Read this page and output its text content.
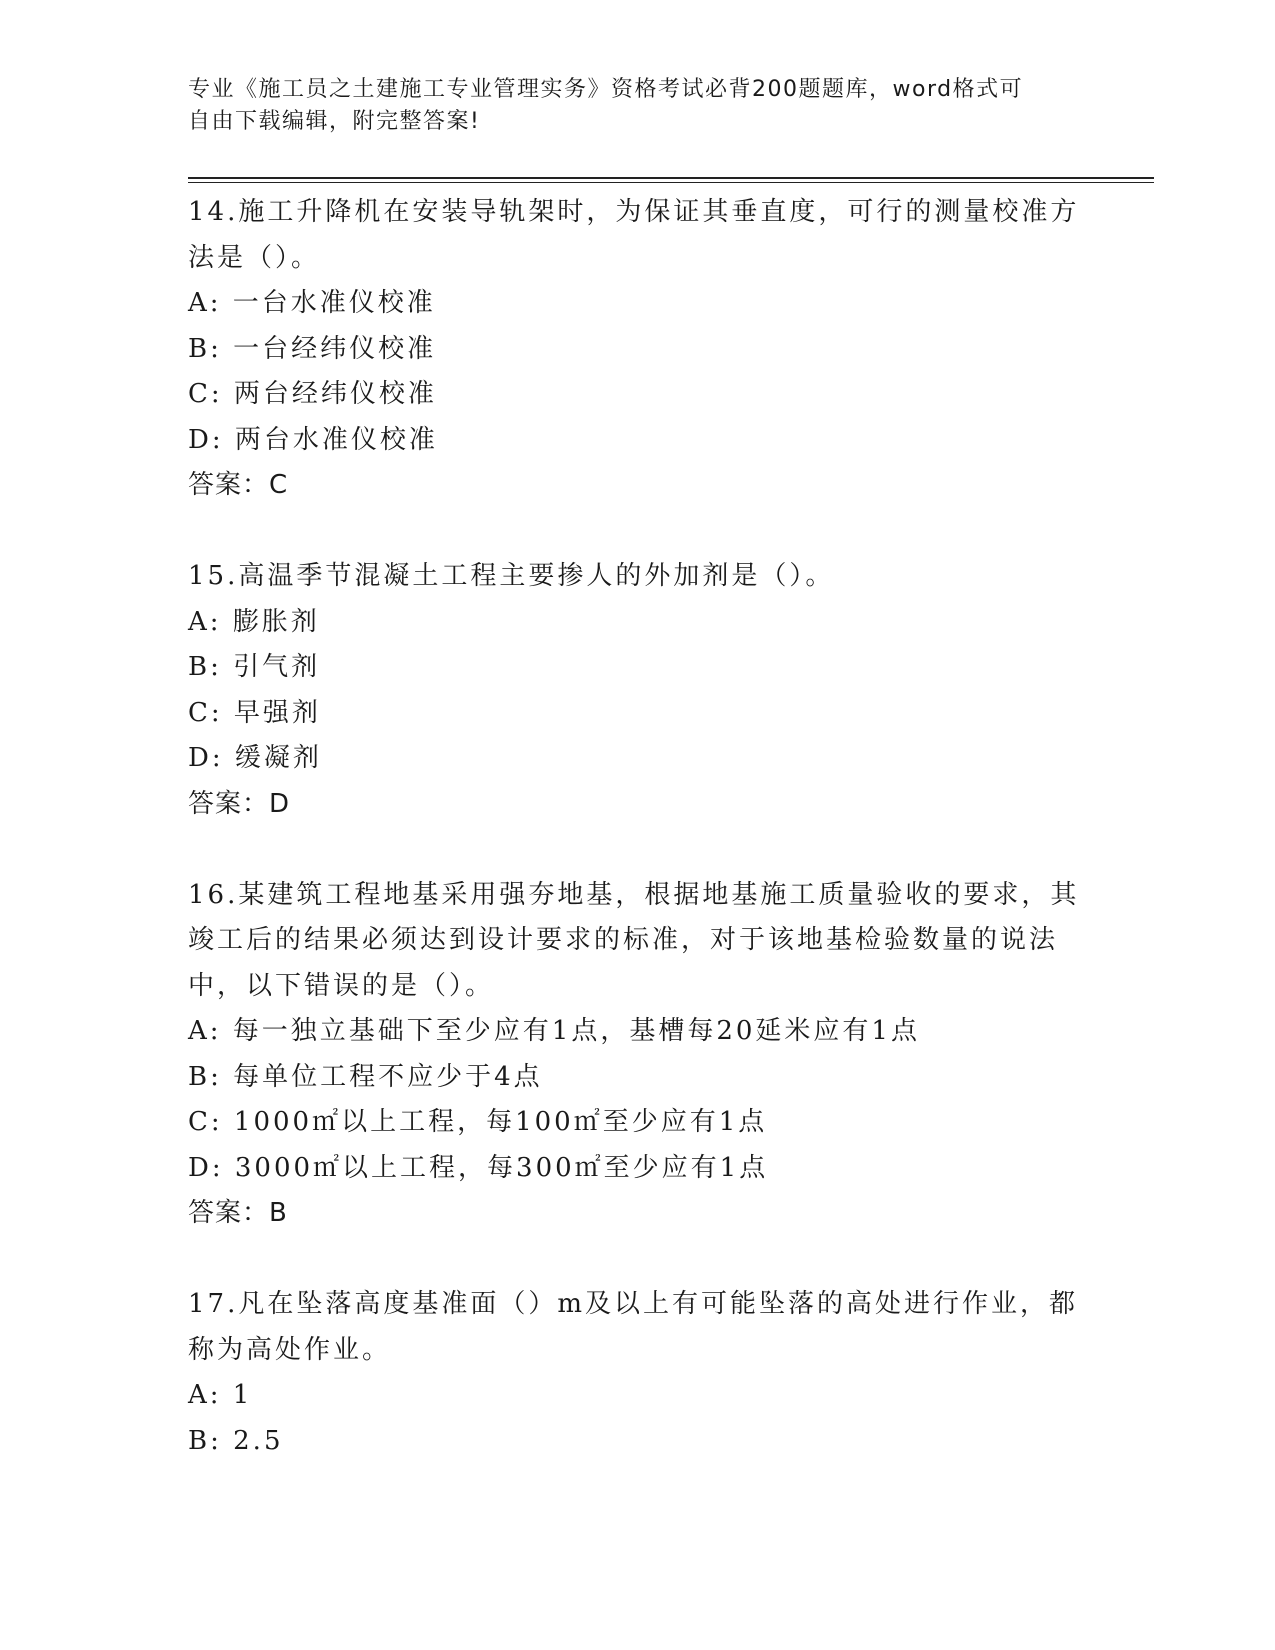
专业《施工员之土建施工专业管理实务》资格考试必背200题题库，word格式可
自由下载编辑，附完整答案!
14.施工升降机在安装导轨架时，为保证其垂直度，可行的测量校准方
法是（）。
A: 一台水准仪校准
B: 一台经纬仪校准
C: 两台经纬仪校准
D: 两台水准仪校准
答案：C
15.高温季节混凝土工程主要掺人的外加剂是（）。
A: 膨胀剂
B: 引气剂
C: 早强剂
D: 缓凝剂
答案：D
16.某建筑工程地基采用强夯地基，根据地基施工质量验收的要求，其
竣工后的结果必须达到设计要求的标准，对于该地基检验数量的说法
中，以下错误的是（）。
A: 每一独立基础下至少应有1点，基槽每20延米应有1点
B: 每单位工程不应少于4点
C: 1000㎡以上工程，每100㎡至少应有1点
D: 3000㎡以上工程，每300㎡至少应有1点
答案：B
17.凡在坠落高度基准面（）m及以上有可能坠落的高处进行作业，都
称为高处作业。
A: 1
B: 2.5
